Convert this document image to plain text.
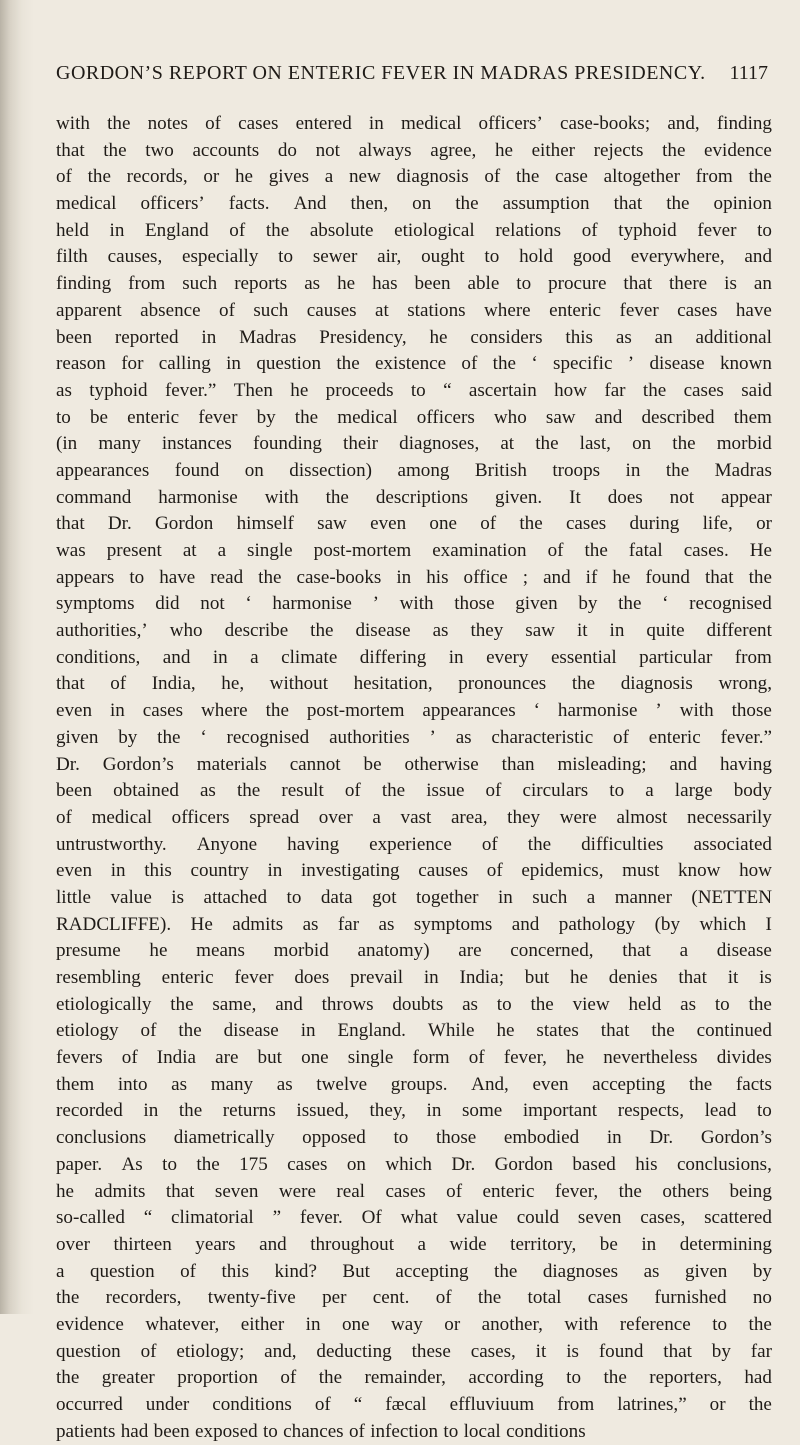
GORDON’S REPORT ON ENTERIC FEVER IN MADRAS PRESIDENCY. 1117
with the notes of cases entered in medical officers’ case-books; and, finding
that the two accounts do not always agree, he either rejects the evidence
of the records, or he gives a new diagnosis of the case altogether from the
medical officers’ facts. And then, on the assumption that the opinion
held in England of the absolute etiological relations of typhoid fever to
filth causes, especially to sewer air, ought to hold good everywhere, and
finding from such reports as he has been able to procure that there is an
apparent absence of such causes at stations where enteric fever cases have
been reported in Madras Presidency, he considers this as an additional
reason for calling in question the existence of the ‘ specific ’ disease known
as typhoid fever.” Then he proceeds to “ ascertain how far the cases said
to be enteric fever by the medical officers who saw and described them
(in many instances founding their diagnoses, at the last, on the morbid
appearances found on dissection) among British troops in the Madras
command harmonise with the descriptions given. It does not appear
that Dr. Gordon himself saw even one of the cases during life, or
was present at a single post-mortem examination of the fatal cases. He
appears to have read the case-books in his office ; and if he found that the
symptoms did not ‘ harmonise ’ with those given by the ‘ recognised
authorities,’ who describe the disease as they saw it in quite different
conditions, and in a climate differing in every essential particular from
that of India, he, without hesitation, pronounces the diagnosis wrong,
even in cases where the post-mortem appearances ‘ harmonise ’ with those
given by the ‘ recognised authorities ’ as characteristic of enteric fever.”
Dr. Gordon’s materials cannot be otherwise than misleading; and having
been obtained as the result of the issue of circulars to a large body
of medical officers spread over a vast area, they were almost necessarily
untrustworthy. Anyone having experience of the difficulties associated
even in this country in investigating causes of epidemics, must know how
little value is attached to data got together in such a manner (NETTEN
RADCLIFFE). He admits as far as symptoms and pathology (by which I
presume he means morbid anatomy) are concerned, that a disease
resembling enteric fever does prevail in India; but he denies that it is
etiologically the same, and throws doubts as to the view held as to the
etiology of the disease in England. While he states that the continued
fevers of India are but one single form of fever, he nevertheless divides
them into as many as twelve groups. And, even accepting the facts
recorded in the returns issued, they, in some important respects, lead to
conclusions diametrically opposed to those embodied in Dr. Gordon’s
paper. As to the 175 cases on which Dr. Gordon based his conclusions,
he admits that seven were real cases of enteric fever, the others being
so-called “ climatorial ” fever. Of what value could seven cases, scattered
over thirteen years and throughout a wide territory, be in determining
a question of this kind? But accepting the diagnoses as given by
the recorders, twenty-five per cent. of the total cases furnished no
evidence whatever, either in one way or another, with reference to the
question of etiology; and, deducting these cases, it is found that by far
the greater proportion of the remainder, according to the reporters, had
occurred under conditions of “ fæcal effluviuum from latrines,” or the
patients had been exposed to chances of infection to local conditions
